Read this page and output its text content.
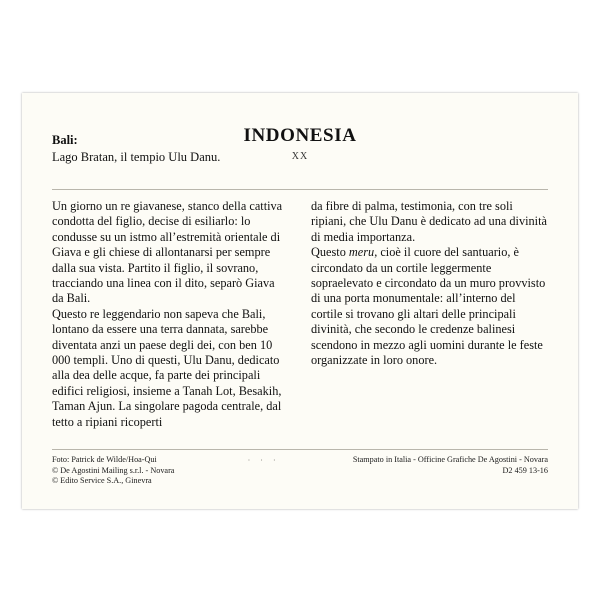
INDONESIA
XX
Bali:
Lago Bratan, il tempio Ulu Danu.

Un giorno un re giavanese, stanco della cattiva condotta del figlio, decise di esiliarlo: lo condusse su un istmo all’estremità orientale di Giava e gli chiese di allontanarsi per sempre dalla sua vista. Partito il figlio, il sovrano, tracciando una linea con il dito, separò Giava da Bali.

Questo re leggendario non sapeva che Bali, lontano da essere una terra dannata, sarebbe diventata anzi un paese degli dei, con ben 10 000 templi. Uno di questi, Ulu Danu, dedicato alla dea delle acque, fa parte dei principali edifici religiosi, insieme a Tanah Lot, Besakih, Taman Ajun. La singolare pagoda centrale, dal tetto a ripiani ricoperti

da fibre di palma, testimonia, con tre soli ripiani, che Ulu Danu è dedicato ad una divinità di media importanza.

Questo meru, cioè il cuore del santuario, è circondato da un cortile leggermente sopraelevato e circondato da un muro provvisto di una porta monumentale: all’interno del cortile si trovano gli altari delle principali divinità, che secondo le credenze balinesi scendono in mezzo agli uomini durante le feste organizzate in loro onore.

Foto: Patrick de Wilde/Hoa-Qui
© De Agostini Mailing s.r.l. - Novara
© Edito Service S.A., Ginevra
· · ·	Stampato in Italia - Officine Grafiche De Agostini - Novara
D2 459 13-16
